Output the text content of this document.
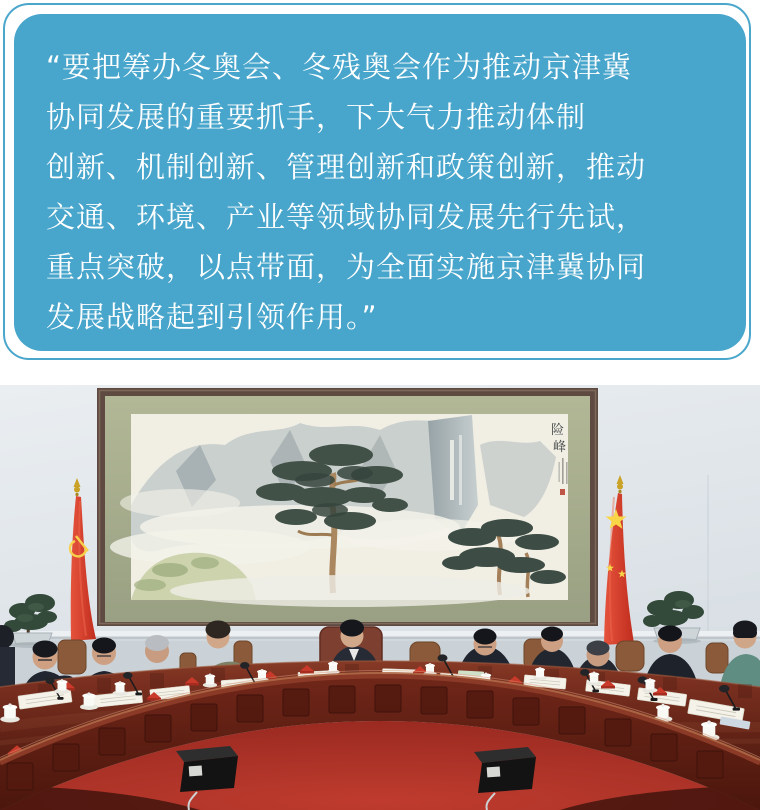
“要把筹办冬奥会、冬残奥会作为推动京津冀
协同发展的重要抓手，下大气力推动体制
创新、机制创新、管理创新和政策创新，推动
交通、环境、产业等领域协同发展先行先试，
重点突破，以点带面，为全面实施京津冀协同
发展战略起到引领作用。”
险
峰
